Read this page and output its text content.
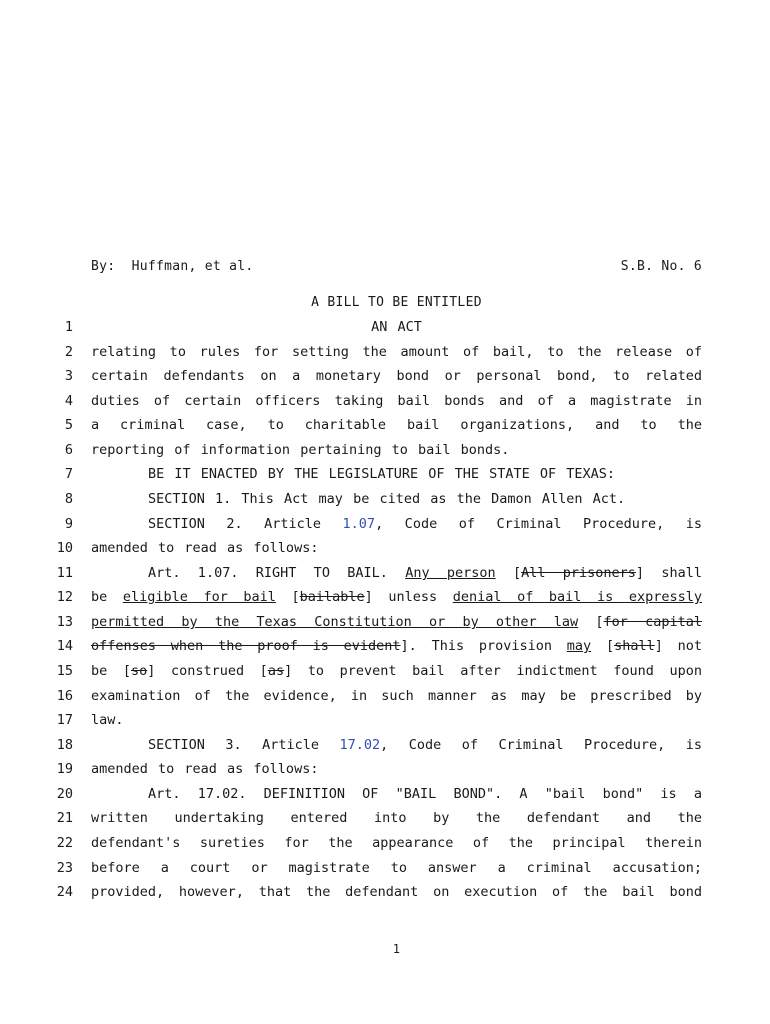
By:  Huffman, et al.	S.B. No. 6
A BILL TO BE ENTITLED
1	AN ACT
2 relating to rules for setting the amount of bail, to the release of
3 certain defendants on a monetary bond or personal bond, to related
4 duties of certain officers taking bail bonds and of a magistrate in
5 a criminal case, to charitable bail organizations, and to the
6 reporting of information pertaining to bail bonds.
7	BE IT ENACTED BY THE LEGISLATURE OF THE STATE OF TEXAS:
8	SECTION 1. This Act may be cited as the Damon Allen Act.
9	SECTION 2. Article 1.07, Code of Criminal Procedure, is
10 amended to read as follows:
11	Art. 1.07. RIGHT TO BAIL. Any person [All prisoners] shall
12 be eligible for bail [bailable] unless denial of bail is expressly
13 permitted by the Texas Constitution or by other law [for capital
14 offenses when the proof is evident]. This provision may [shall] not
15 be [so] construed [as] to prevent bail after indictment found upon
16 examination of the evidence, in such manner as may be prescribed by
17 law.
18	SECTION 3. Article 17.02, Code of Criminal Procedure, is
19 amended to read as follows:
20	Art. 17.02. DEFINITION OF "BAIL BOND". A "bail bond" is a
21 written undertaking entered into by the defendant and the
22 defendant's sureties for the appearance of the principal therein
23 before a court or magistrate to answer a criminal accusation;
24 provided, however, that the defendant on execution of the bail bond
1
